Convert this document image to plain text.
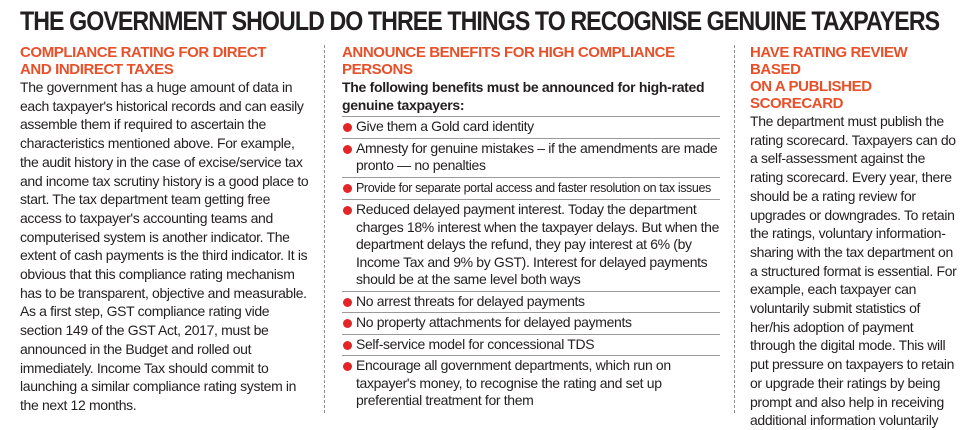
THE GOVERNMENT SHOULD DO THREE THINGS TO RECOGNISE GENUINE TAXPAYERS

COMPLIANCE RATING FOR DIRECT
AND INDIRECT TAXES

The government has a huge amount of data in each taxpayer's historical records and can easily assemble them if required to ascertain the characteristics mentioned above. For example, the audit history in the case of excise/service tax and income tax scrutiny history is a good place to start. The tax department team getting free access to taxpayer's accounting teams and computerised system is another indicator. The extent of cash payments is the third indicator. It is obvious that this compliance rating mechanism has to be transparent, objective and measurable. As a first step, GST compliance rating vide section 149 of the GST Act, 2017, must be announced in the Budget and rolled out immediately. Income Tax should commit to launching a similar compliance rating system in the next 12 months.

ANNOUNCE BENEFITS FOR HIGH COMPLIANCE PERSONS

The following benefits must be announced for high-rated genuine taxpayers:

Give them a Gold card identity
Amnesty for genuine mistakes – if the amendments are made pronto — no penalties
Provide for separate portal access and faster resolution on tax issues
Reduced delayed payment interest. Today the department charges 18% interest when the taxpayer delays. But when the department delays the refund, they pay interest at 6% (by Income Tax and 9% by GST). Interest for delayed payments should be at the same level both ways
No arrest threats for delayed payments
No property attachments for delayed payments
Self-service model for concessional TDS
Encourage all government departments, which run on taxpayer's money, to recognise the rating and set up preferential treatment for them

HAVE RATING REVIEW BASED
ON A PUBLISHED SCORECARD

The department must publish the rating scorecard. Taxpayers can do a self-assessment against the rating scorecard. Every year, there should be a rating review for upgrades or downgrades. To retain the ratings, voluntary information-sharing with the tax department on a structured format is essential. For example, each taxpayer can voluntarily submit statistics of her/his adoption of payment through the digital mode. This will put pressure on taxpayers to retain or upgrade their ratings by being prompt and also help in receiving additional information voluntarily
